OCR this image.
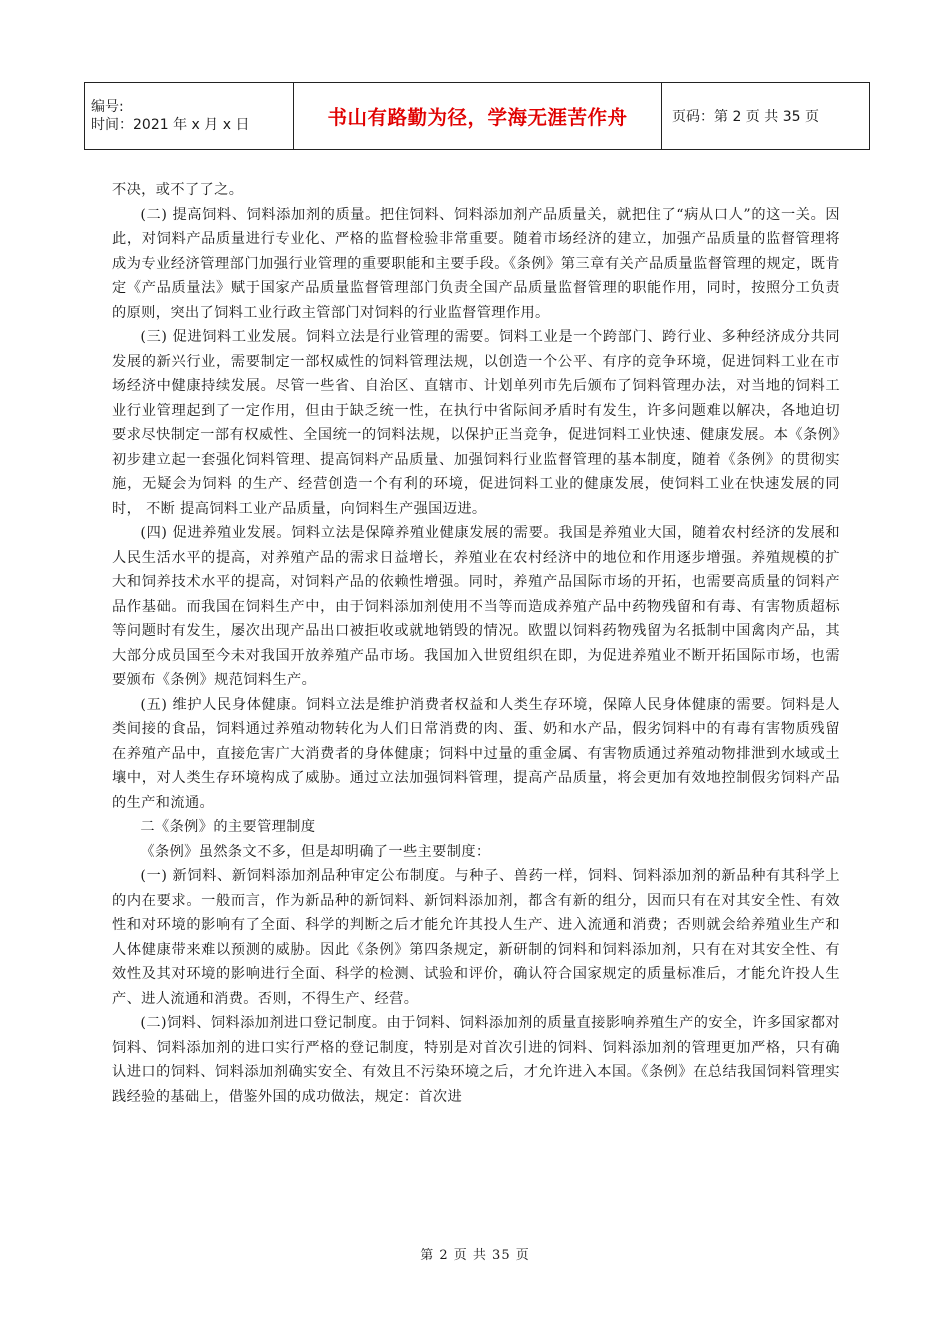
编号:
时间：2021 年 x 月 x 日	书山有路勤为径，学海无涯苦作舟	页码：第 2 页 共 35 页

不决，或不了了之。

(二) 提高饲料、饲料添加剂的质量。把住饲料、饲料添加剂产品质量关，就把住了“病从口人”的这一关。因此，对饲料产品质量进行专业化、严格的监督检验非常重要。随着市场经济的建立，加强产品质量的监督管理将成为专业经济管理部门加强行业管理的重要职能和主要手段。《条例》第三章有关产品质量监督管理的规定，既肯定《产品质量法》赋于国家产品质量监督管理部门负责全国产品质量监督管理的职能作用，同时，按照分工负责的原则，突出了饲料工业行政主管部门对饲料的行业监督管理作用。

(三) 促进饲料工业发展。饲料立法是行业管理的需要。饲料工业是一个跨部门、跨行业、多种经济成分共同发展的新兴行业，需要制定一部权威性的饲料管理法规，以创造一个公平、有序的竞争环境，促进饲料工业在市场经济中健康持续发展。尽管一些省、自治区、直辖市、计划单列市先后颁布了饲料管理办法，对当地的饲料工业行业管理起到了一定作用，但由于缺乏统一性，在执行中省际间矛盾时有发生，许多问题难以解决，各地迫切要求尽快制定一部有权威性、全国统一的饲料法规，以保护正当竞争，促进饲料工业快速、健康发展。本《条例》初步建立起一套强化饲料管理、提高饲料产品质量、加强饲料行业监督管理的基本制度，随着《条例》的贯彻实施，无疑会为饲料 的生产、经营创造一个有利的环境，促进饲料工业的健康发展，使饲料工业在快速发展的同时， 不断 提高饲料工业产品质量，向饲料生产强国迈进。

(四) 促进养殖业发展。饲料立法是保障养殖业健康发展的需要。我国是养殖业大国，随着农村经济的发展和人民生活水平的提高，对养殖产品的需求日益增长，养殖业在农村经济中的地位和作用逐步增强。养殖规模的扩大和饲养技术水平的提高，对饲料产品的依赖性增强。同时，养殖产品国际市场的开拓，也需要高质量的饲料产品作基础。而我国在饲料生产中，由于饲料添加剂使用不当等而造成养殖产品中药物残留和有毒、有害物质超标等问题时有发生，屡次出现产品出口被拒收或就地销毁的情况。欧盟以饲料药物残留为名抵制中国禽肉产品，其大部分成员国至今未对我国开放养殖产品市场。我国加入世贸组织在即，为促进养殖业不断开拓国际市场，也需要颁布《条例》规范饲料生产。

(五) 维护人民身体健康。饲料立法是维护消费者权益和人类生存环境，保障人民身体健康的需要。饲料是人类间接的食品，饲料通过养殖动物转化为人们日常消费的肉、蛋、奶和水产品，假劣饲料中的有毒有害物质残留在养殖产品中，直接危害广大消费者的身体健康；饲料中过量的重金属、有害物质通过养殖动物排泄到水域或土壤中，对人类生存环境构成了威胁。通过立法加强饲料管理，提高产品质量，将会更加有效地控制假劣饲料产品的生产和流通。

二《条例》的主要管理制度

《条例》虽然条文不多，但是却明确了一些主要制度：

(一) 新饲料、新饲料添加剂品种审定公布制度。与种子、兽药一样，饲料、饲料添加剂的新品种有其科学上的内在要求。一般而言，作为新品种的新饲料、新饲料添加剂，都含有新的组分，因而只有在对其安全性、有效性和对环境的影响有了全面、科学的判断之后才能允许其投人生产、进入流通和消费；否则就会给养殖业生产和人体健康带来难以预测的威胁。因此《条例》第四条规定，新研制的饲料和饲料添加剂，只有在对其安全性、有效性及其对环境的影响进行全面、科学的检测、试验和评价，确认符合国家规定的质量标准后，才能允许投人生产、进人流通和消费。否则，不得生产、经营。

(二)饲料、饲料添加剂进口登记制度。由于饲料、饲料添加剂的质量直接影响养殖生产的安全，许多国家都对饲料、饲料添加剂的进口实行严格的登记制度，特别是对首次引进的饲料、饲料添加剂的管理更加严格，只有确认进口的饲料、饲料添加剂确实安全、有效且不污染环境之后，才允许进入本国。《条例》在总结我国饲料管理实践经验的基础上，借鉴外国的成功做法，规定：首次进

第 2 页 共 35 页
